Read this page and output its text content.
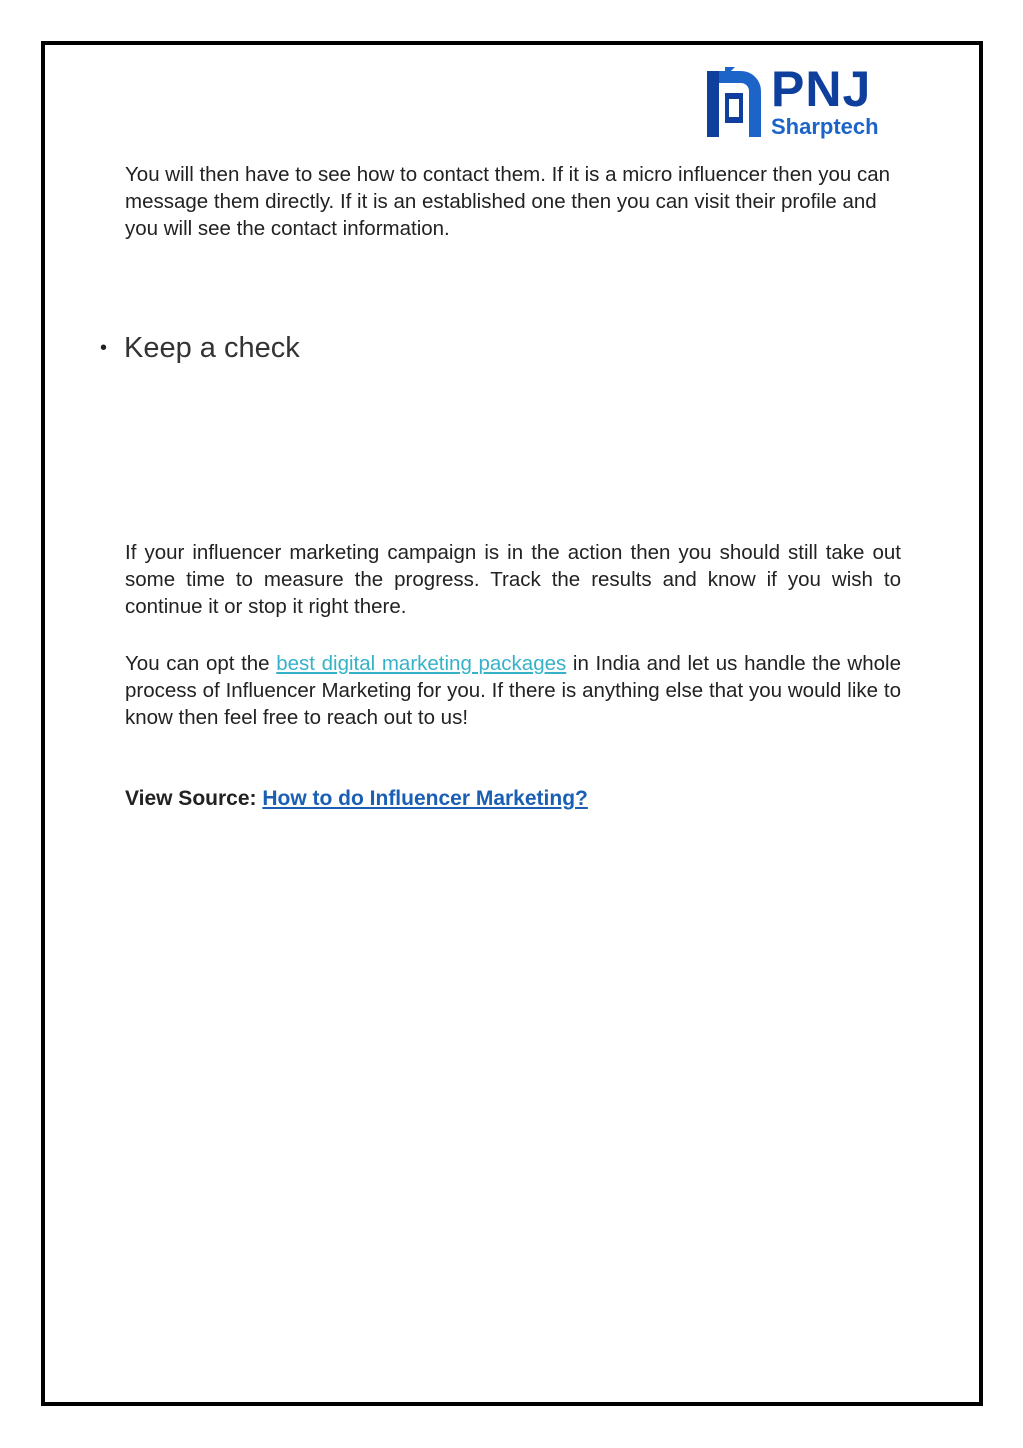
PNJ
Sharptech

You will then have to see how to contact them. If it is a micro influencer then you can message them directly. If it is an established one then you can visit their profile and you will see the contact information.

• Keep a check

If your influencer marketing campaign is in the action then you should still take out some time to measure the progress. Track the results and know if you wish to continue it or stop it right there.

You can opt the best digital marketing packages in India and let us handle the whole process of Influencer Marketing for you. If there is anything else that you would like to know then feel free to reach out to us!

View Source: How to do Influencer Marketing?
